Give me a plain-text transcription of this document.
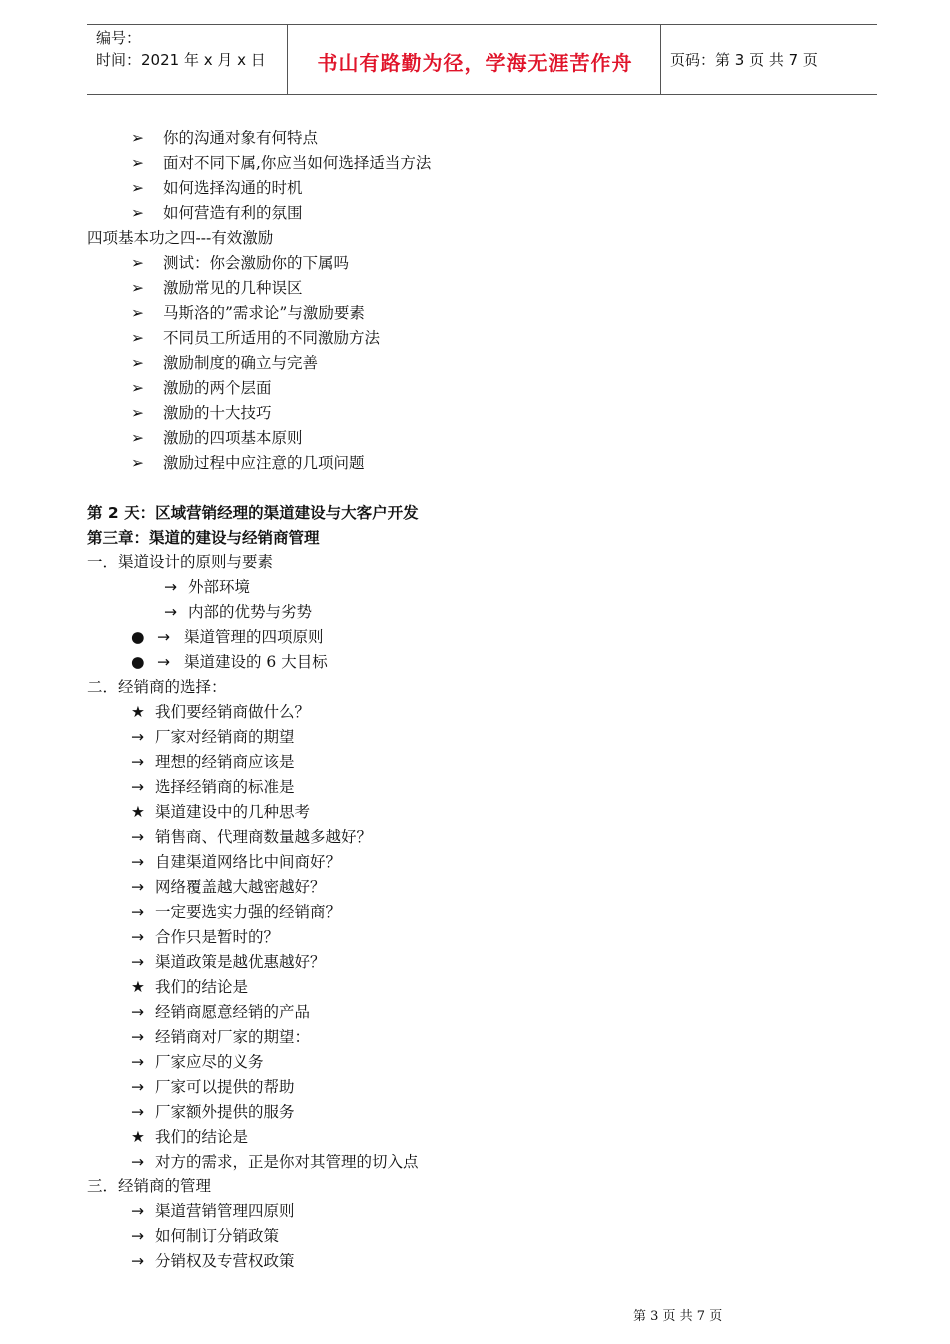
编号：
时间：2021 年 x 月 x 日	书山有路勤为径，学海无涯苦作舟	页码：第 3 页 共 7 页
➢ 你的沟通对象有何特点
➢ 面对不同下属,你应当如何选择适当方法
➢ 如何选择沟通的时机
➢ 如何营造有利的氛围
四项基本功之四---有效激励
➢ 测试：你会激励你的下属吗
➢ 激励常见的几种误区
➢ 马斯洛的”需求论”与激励要素
➢ 不同员工所适用的不同激励方法
➢ 激励制度的确立与完善
➢ 激励的两个层面
➢ 激励的十大技巧
➢ 激励的四项基本原则
➢ 激励过程中应注意的几项问题
第 2 天：区域营销经理的渠道建设与大客户开发
第三章：渠道的建设与经销商管理
一．渠道设计的原则与要素
→ 外部环境
→ 内部的优势与劣势
● → 渠道管理的四项原则
● → 渠道建设的 6 大目标
二．经销商的选择：
★ 我们要经销商做什么？
→ 厂家对经销商的期望
→ 理想的经销商应该是
→ 选择经销商的标准是
★ 渠道建设中的几种思考
→ 销售商、代理商数量越多越好？
→ 自建渠道网络比中间商好？
→ 网络覆盖越大越密越好？
→ 一定要选实力强的经销商？
→ 合作只是暂时的？
→ 渠道政策是越优惠越好？
★ 我们的结论是
→ 经销商愿意经销的产品
→ 经销商对厂家的期望：
→ 厂家应尽的义务
→ 厂家可以提供的帮助
→ 厂家额外提供的服务
★ 我们的结论是
→ 对方的需求，正是你对其管理的切入点
三．经销商的管理
→ 渠道营销管理四原则
→ 如何制订分销政策
→ 分销权及专营权政策
第 3 页 共 7 页
